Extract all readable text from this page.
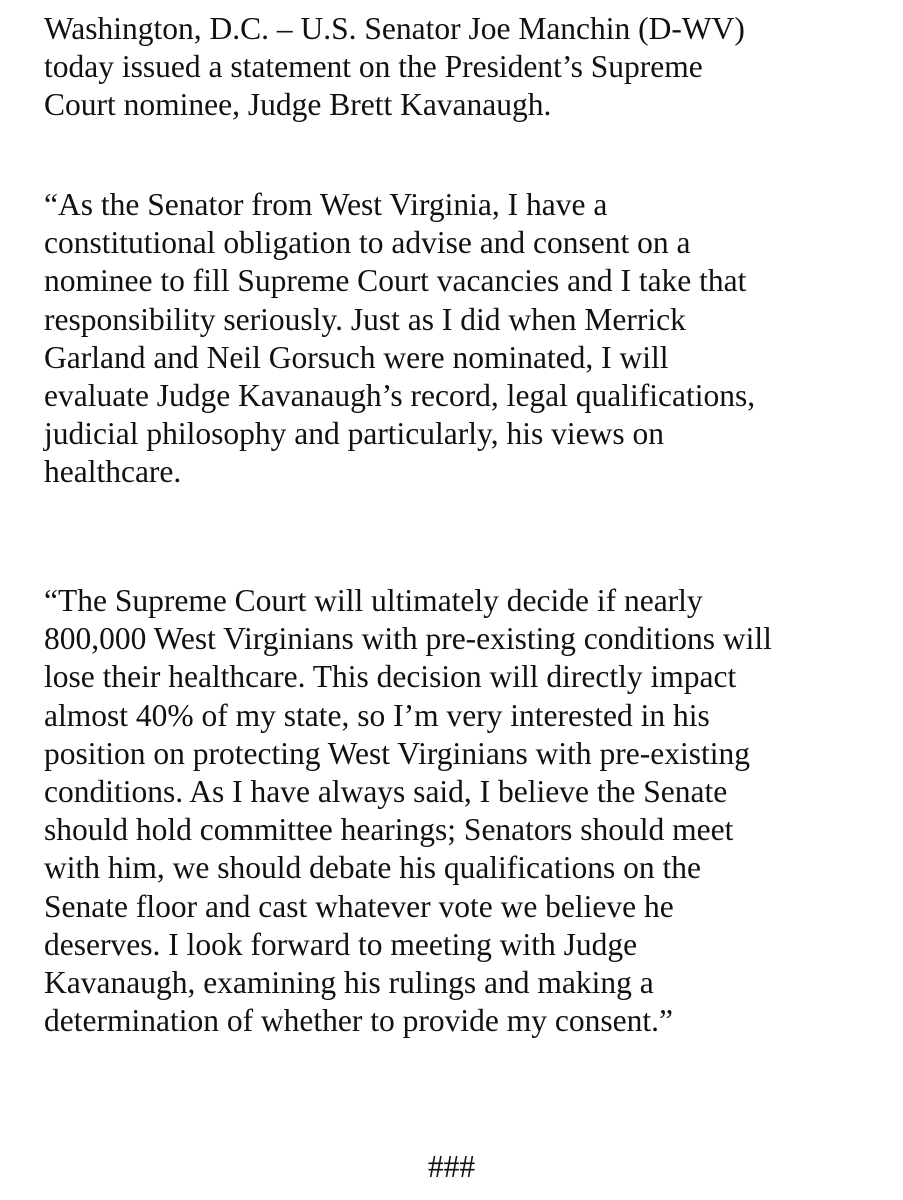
Washington, D.C. – U.S. Senator Joe Manchin (D-WV)
today issued a statement on the President’s Supreme
Court nominee, Judge Brett Kavanaugh.

“As the Senator from West Virginia, I have a
constitutional obligation to advise and consent on a
nominee to fill Supreme Court vacancies and I take that
responsibility seriously. Just as I did when Merrick
Garland and Neil Gorsuch were nominated, I will
evaluate Judge Kavanaugh’s record, legal qualifications,
judicial philosophy and particularly, his views on
healthcare.

“The Supreme Court will ultimately decide if nearly
800,000 West Virginians with pre-existing conditions will
lose their healthcare. This decision will directly impact
almost 40% of my state, so I’m very interested in his
position on protecting West Virginians with pre-existing
conditions. As I have always said, I believe the Senate
should hold committee hearings; Senators should meet
with him, we should debate his qualifications on the
Senate floor and cast whatever vote we believe he
deserves. I look forward to meeting with Judge
Kavanaugh, examining his rulings and making a
determination of whether to provide my consent.”

###
